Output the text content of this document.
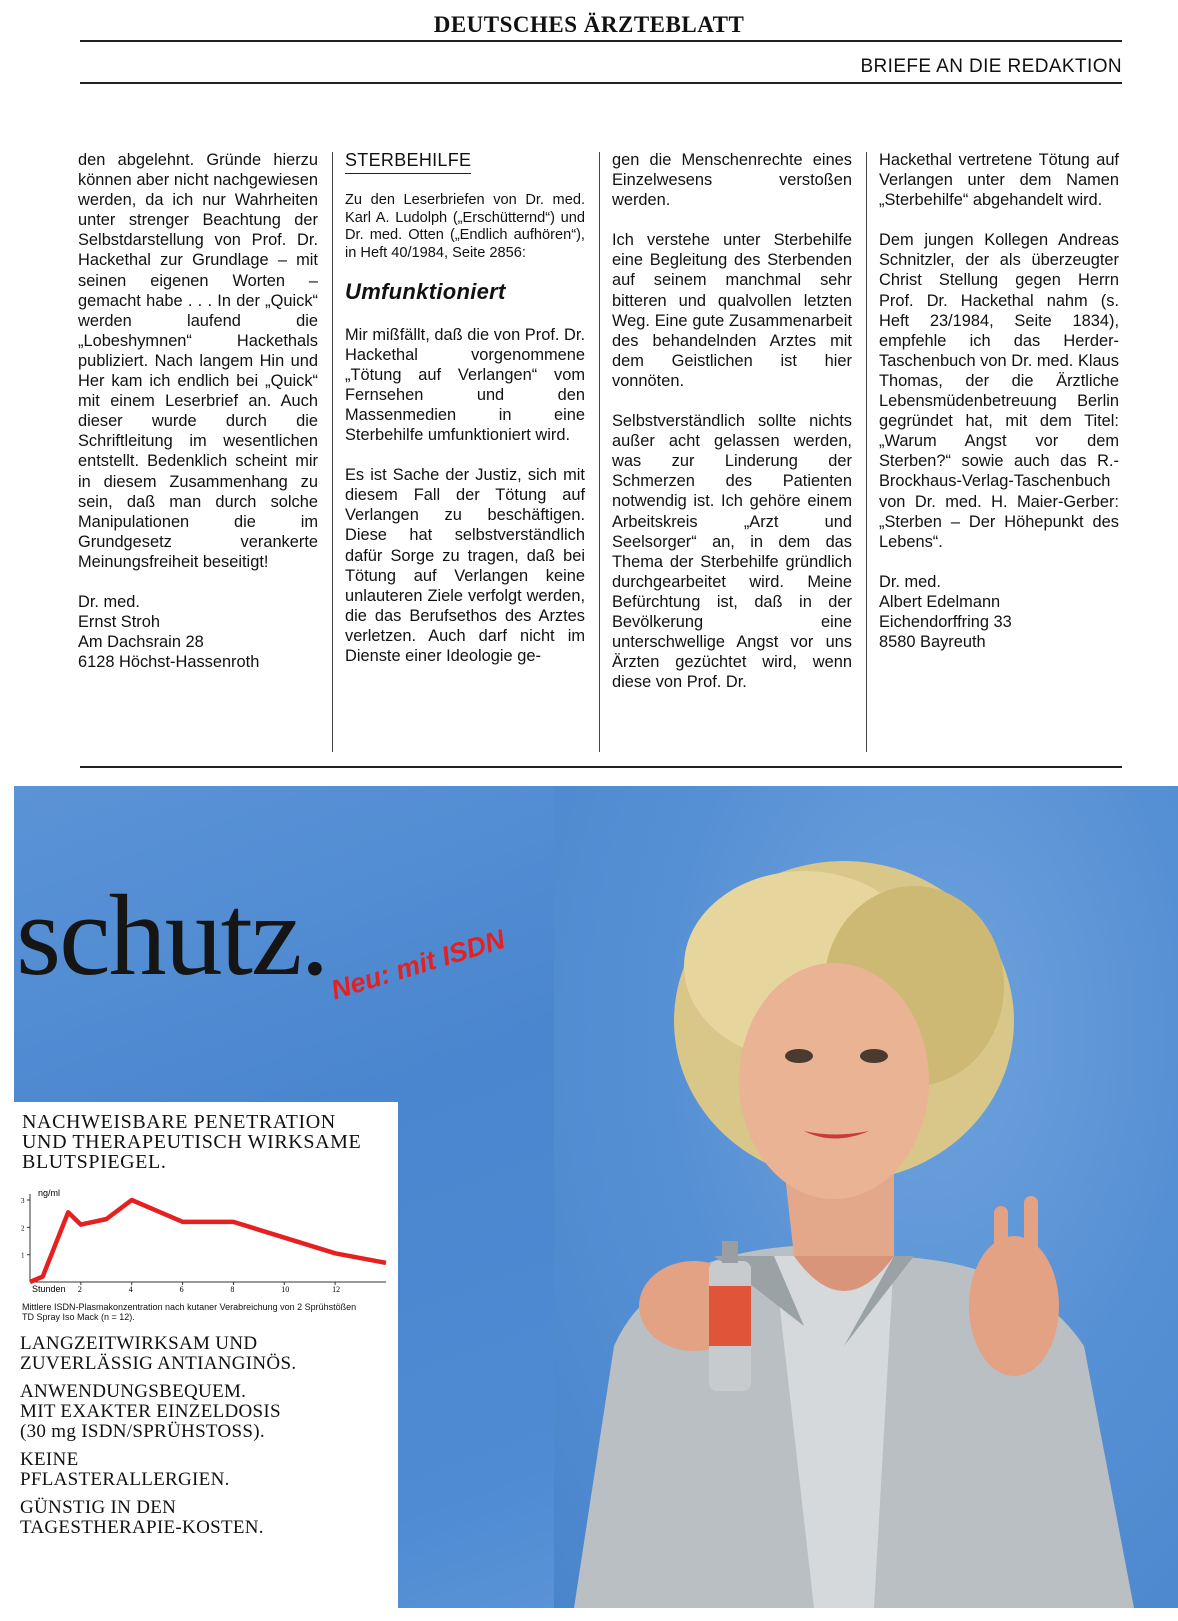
DEUTSCHES ÄRZTEBLATT
BRIEFE AN DIE REDAKTION

den abgelehnt. Gründe hierzu können aber nicht nachgewiesen werden, da ich nur Wahrheiten unter strenger Beachtung der Selbstdarstellung von Prof. Dr. Hackethal zur Grundlage – mit seinen eigenen Worten – gemacht habe . . . In der „Quick“ werden laufend die „Lobeshymnen“ Hackethals publiziert. Nach langem Hin und Her kam ich endlich bei „Quick“ mit einem Leserbrief an. Auch dieser wurde durch die Schriftleitung im wesentlichen entstellt. Bedenklich scheint mir in diesem Zusammenhang zu sein, daß man durch solche Manipulationen die im Grundgesetz verankerte Meinungsfreiheit beseitigt!

Dr. med.

Ernst Stroh

Am Dachsrain 28

6128 Höchst-Hassenroth

STERBEHILFE
Zu den Leserbriefen von Dr. med. Karl A. Ludolph („Erschütternd“) und Dr. med. Otten („Endlich aufhören“), in Heft 40/1984, Seite 2856:
Umfunktioniert

Mir mißfällt, daß die von Prof. Dr. Hackethal vorgenommene „Tötung auf Verlangen“ vom Fernsehen und den Massenmedien in eine Sterbehilfe umfunktioniert wird.

Es ist Sache der Justiz, sich mit diesem Fall der Tötung auf Verlangen zu beschäftigen. Diese hat selbstverständlich dafür Sorge zu tragen, daß bei Tötung auf Verlangen keine unlauteren Ziele verfolgt werden, die das Berufsethos des Arztes verletzen. Auch darf nicht im Dienste einer Ideologie ge-

gen die Menschenrechte eines Einzelwesens verstoßen werden.

Ich verstehe unter Sterbehilfe eine Begleitung des Sterbenden auf seinem manchmal sehr bitteren und qualvollen letzten Weg. Eine gute Zusammenarbeit des behandelnden Arztes mit dem Geistlichen ist hier vonnöten.

Selbstverständlich sollte nichts außer acht gelassen werden, was zur Linderung der Schmerzen des Patienten notwendig ist. Ich gehöre einem Arbeitskreis „Arzt und Seelsorger“ an, in dem das Thema der Sterbehilfe gründlich durchgearbeitet wird. Meine Befürchtung ist, daß in der Bevölkerung eine unterschwellige Angst vor uns Ärzten gezüchtet wird, wenn diese von Prof. Dr.

Hackethal vertretene Tötung auf Verlangen unter dem Namen „Sterbehilfe“ abgehandelt wird.

Dem jungen Kollegen Andreas Schnitzler, der als überzeugter Christ Stellung gegen Herrn Prof. Dr. Hackethal nahm (s. Heft 23/1984, Seite 1834), empfehle ich das Herder-Taschenbuch von Dr. med. Klaus Thomas, der die Ärztliche Lebensmüdenbetreuung Berlin gegründet hat, mit dem Titel: „Warum Angst vor dem Sterben?“ sowie auch das R.-Brockhaus-Verlag-Taschenbuch von Dr. med. H. Maier-Gerber: „Sterben – Der Höhepunkt des Lebens“.

Dr. med.

Albert Edelmann

Eichendorffring 33

8580 Bayreuth

schutz. Neu: mit ISDN
NACHWEISBARE PENETRATION
UND THERAPEUTISCH WIRKSAME
BLUTSPIEGEL.
ng/ml
Stunden
1
2
3
2	4	6	8	10	12
Mittlere ISDN-Plasmakonzentration nach kutaner Verabreichung von 2 Sprühstößen TD Spray Iso Mack (n = 12).

LANGZEITWIRKSAM UND
ZUVERLÄSSIG ANTIANGINÖS.

ANWENDUNGSBEQUEM.
MIT EXAKTER EINZELDOSIS
(30 mg ISDN/SPRÜHSTOSS).

KEINE
PFLASTERALLERGIEN.

GÜNSTIG IN DEN
TAGESTHERAPIE-KOSTEN.
